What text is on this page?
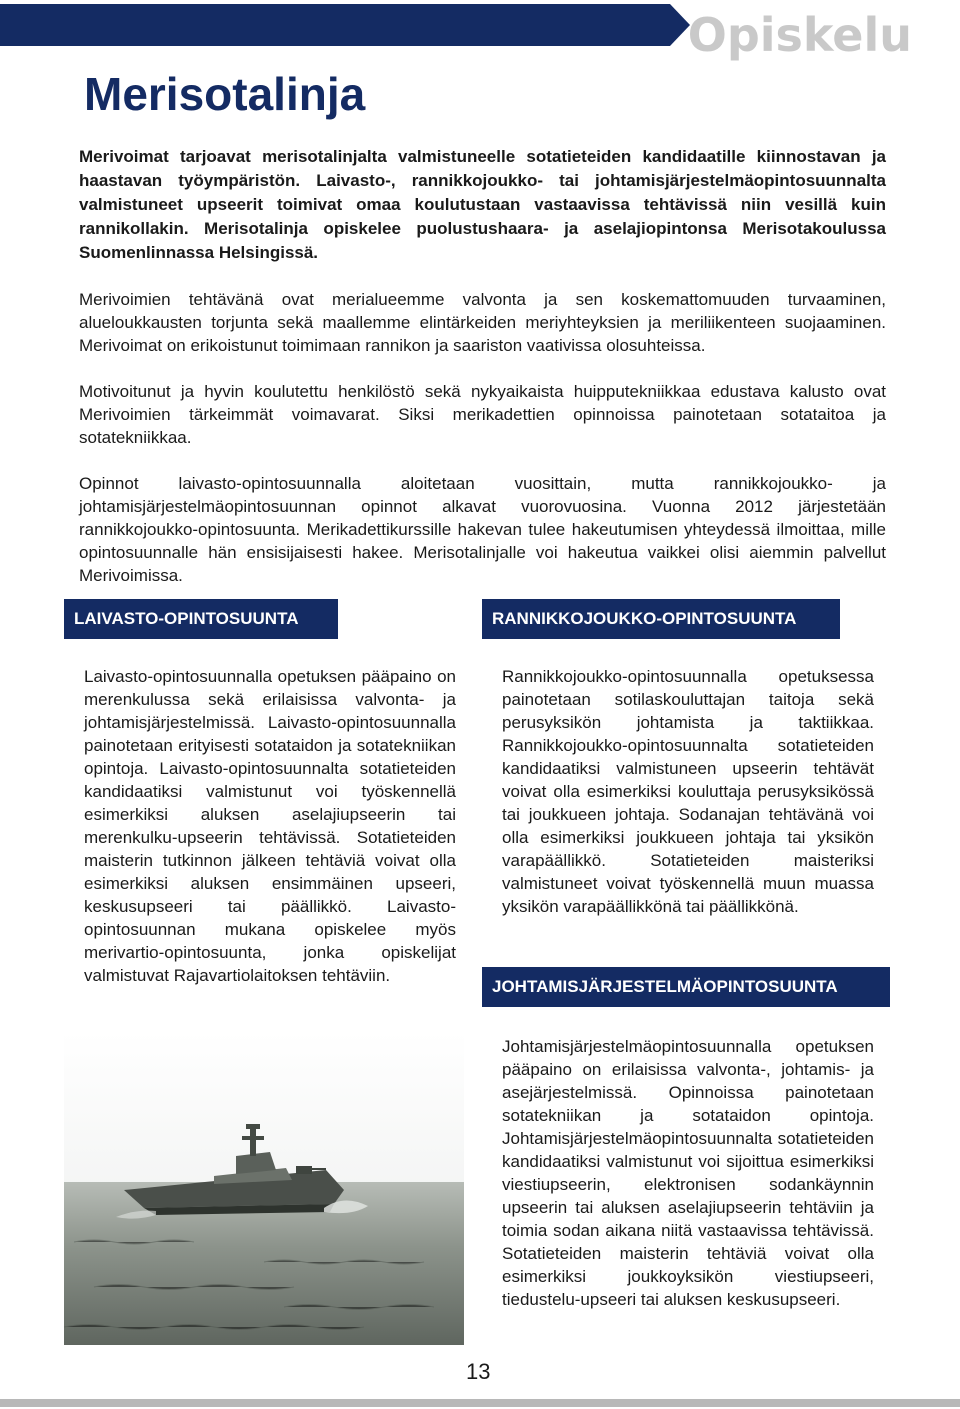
Opiskelu
Merisotalinja

Merivoimat tarjoavat merisotalinjalta valmistuneelle sotatieteiden kandidaatille kiinnostavan ja haastavan työympäristön. Laivasto-, rannikkojoukko- tai johtamisjärjestelmäopintosuunnalta valmistuneet upseerit toimivat omaa koulutustaan vastaavissa tehtävissä niin vesillä kuin rannikollakin. Merisotalinja opiskelee puolustushaara- ja aselajiopintonsa Merisotakoulussa Suomenlinnassa Helsingissä.

Merivoimien tehtävänä ovat merialueemme valvonta ja sen koskemattomuuden turvaaminen, alueloukkausten torjunta sekä maallemme elintärkeiden meriyhteyksien ja meriliikenteen suojaaminen. Merivoimat on erikoistunut toimimaan rannikon ja saariston vaativissa olosuhteissa.

Motivoitunut ja hyvin koulutettu henkilöstö sekä nykyaikaista huipputekniikkaa edustava kalusto ovat Merivoimien tärkeimmät voimavarat. Siksi merikadettien opinnoissa painotetaan sotataitoa ja sotatekniikkaa.

Opinnot laivasto-opintosuunnalla aloitetaan vuosittain, mutta rannikkojoukko- ja johtamisjärjestelmäopintosuunnan opinnot alkavat vuorovuosina. Vuonna 2012 järjestetään rannikkojoukko-opintosuunta. Merikadettikurssille hakevan tulee hakeutumisen yhteydessä ilmoittaa, mille opintosuunnalle hän ensisijaisesti hakee. Merisotalinjalle voi hakeutua vaikkei olisi aiemmin palvellut Merivoimissa.

LAIVASTO-OPINTOSUUNTA	RANNIKKOJOUKKO-OPINTOSUUNTA

Laivasto-opintosuunnalla opetuksen pääpaino on merenkulussa sekä erilaisissa valvonta- ja johtamisjärjestelmissä. Laivasto-opintosuunnalla painotetaan erityisesti sotataidon ja sotatekniikan opintoja. Laivasto-opintosuunnalta sotatieteiden kandidaatiksi valmistunut voi työskennellä esimerkiksi aluksen aselajiupseerin tai merenkulku-upseerin tehtävissä. Sotatieteiden maisterin tutkinnon jälkeen tehtäviä voivat olla esimerkiksi aluksen ensimmäinen upseeri, keskusupseeri tai päällikkö. Laivasto-opintosuunnan mukana opiskelee myös merivartio-opintosuunta, jonka opiskelijat valmistuvat Rajavartiolaitoksen tehtäviin.

Rannikkojoukko-opintosuunnalla opetuksessa painotetaan sotilaskouluttajan taitoja sekä perusyksikön johtamista ja taktiikkaa. Rannikkojoukko-opintosuunnalta sotatieteiden kandidaatiksi valmistuneen upseerin tehtävät voivat olla esimerkiksi kouluttaja perusyksikössä tai joukkueen johtaja. Sodanajan tehtävänä voi olla esimerkiksi joukkueen johtaja tai yksikön varapäällikkö. Sotatieteiden maisteriksi valmistuneet voivat työskennellä muun muassa yksikön varapäällikkönä tai päällikkönä.

JOHTAMISJÄRJESTELMÄOPINTOSUUNTA

Johtamisjärjestelmäopintosuunnalla opetuksen pääpaino on erilaisissa valvonta-, johtamis- ja asejärjestelmissä. Opinnoissa painotetaan sotatekniikan ja sotataidon opintoja. Johtamisjärjestelmäopintosuunnalta sotatieteiden kandidaatiksi valmistunut voi sijoittua esimerkiksi viestiupseerin, elektronisen sodankäynnin upseerin tai aluksen aselajiupseerin tehtäviin ja toimia sodan aikana niitä vastaavissa tehtävissä. Sotatieteiden maisterin tehtäviä voivat olla esimerkiksi joukkoyksikön viestiupseeri, tiedustelu-upseeri tai aluksen keskusupseeri.

13
